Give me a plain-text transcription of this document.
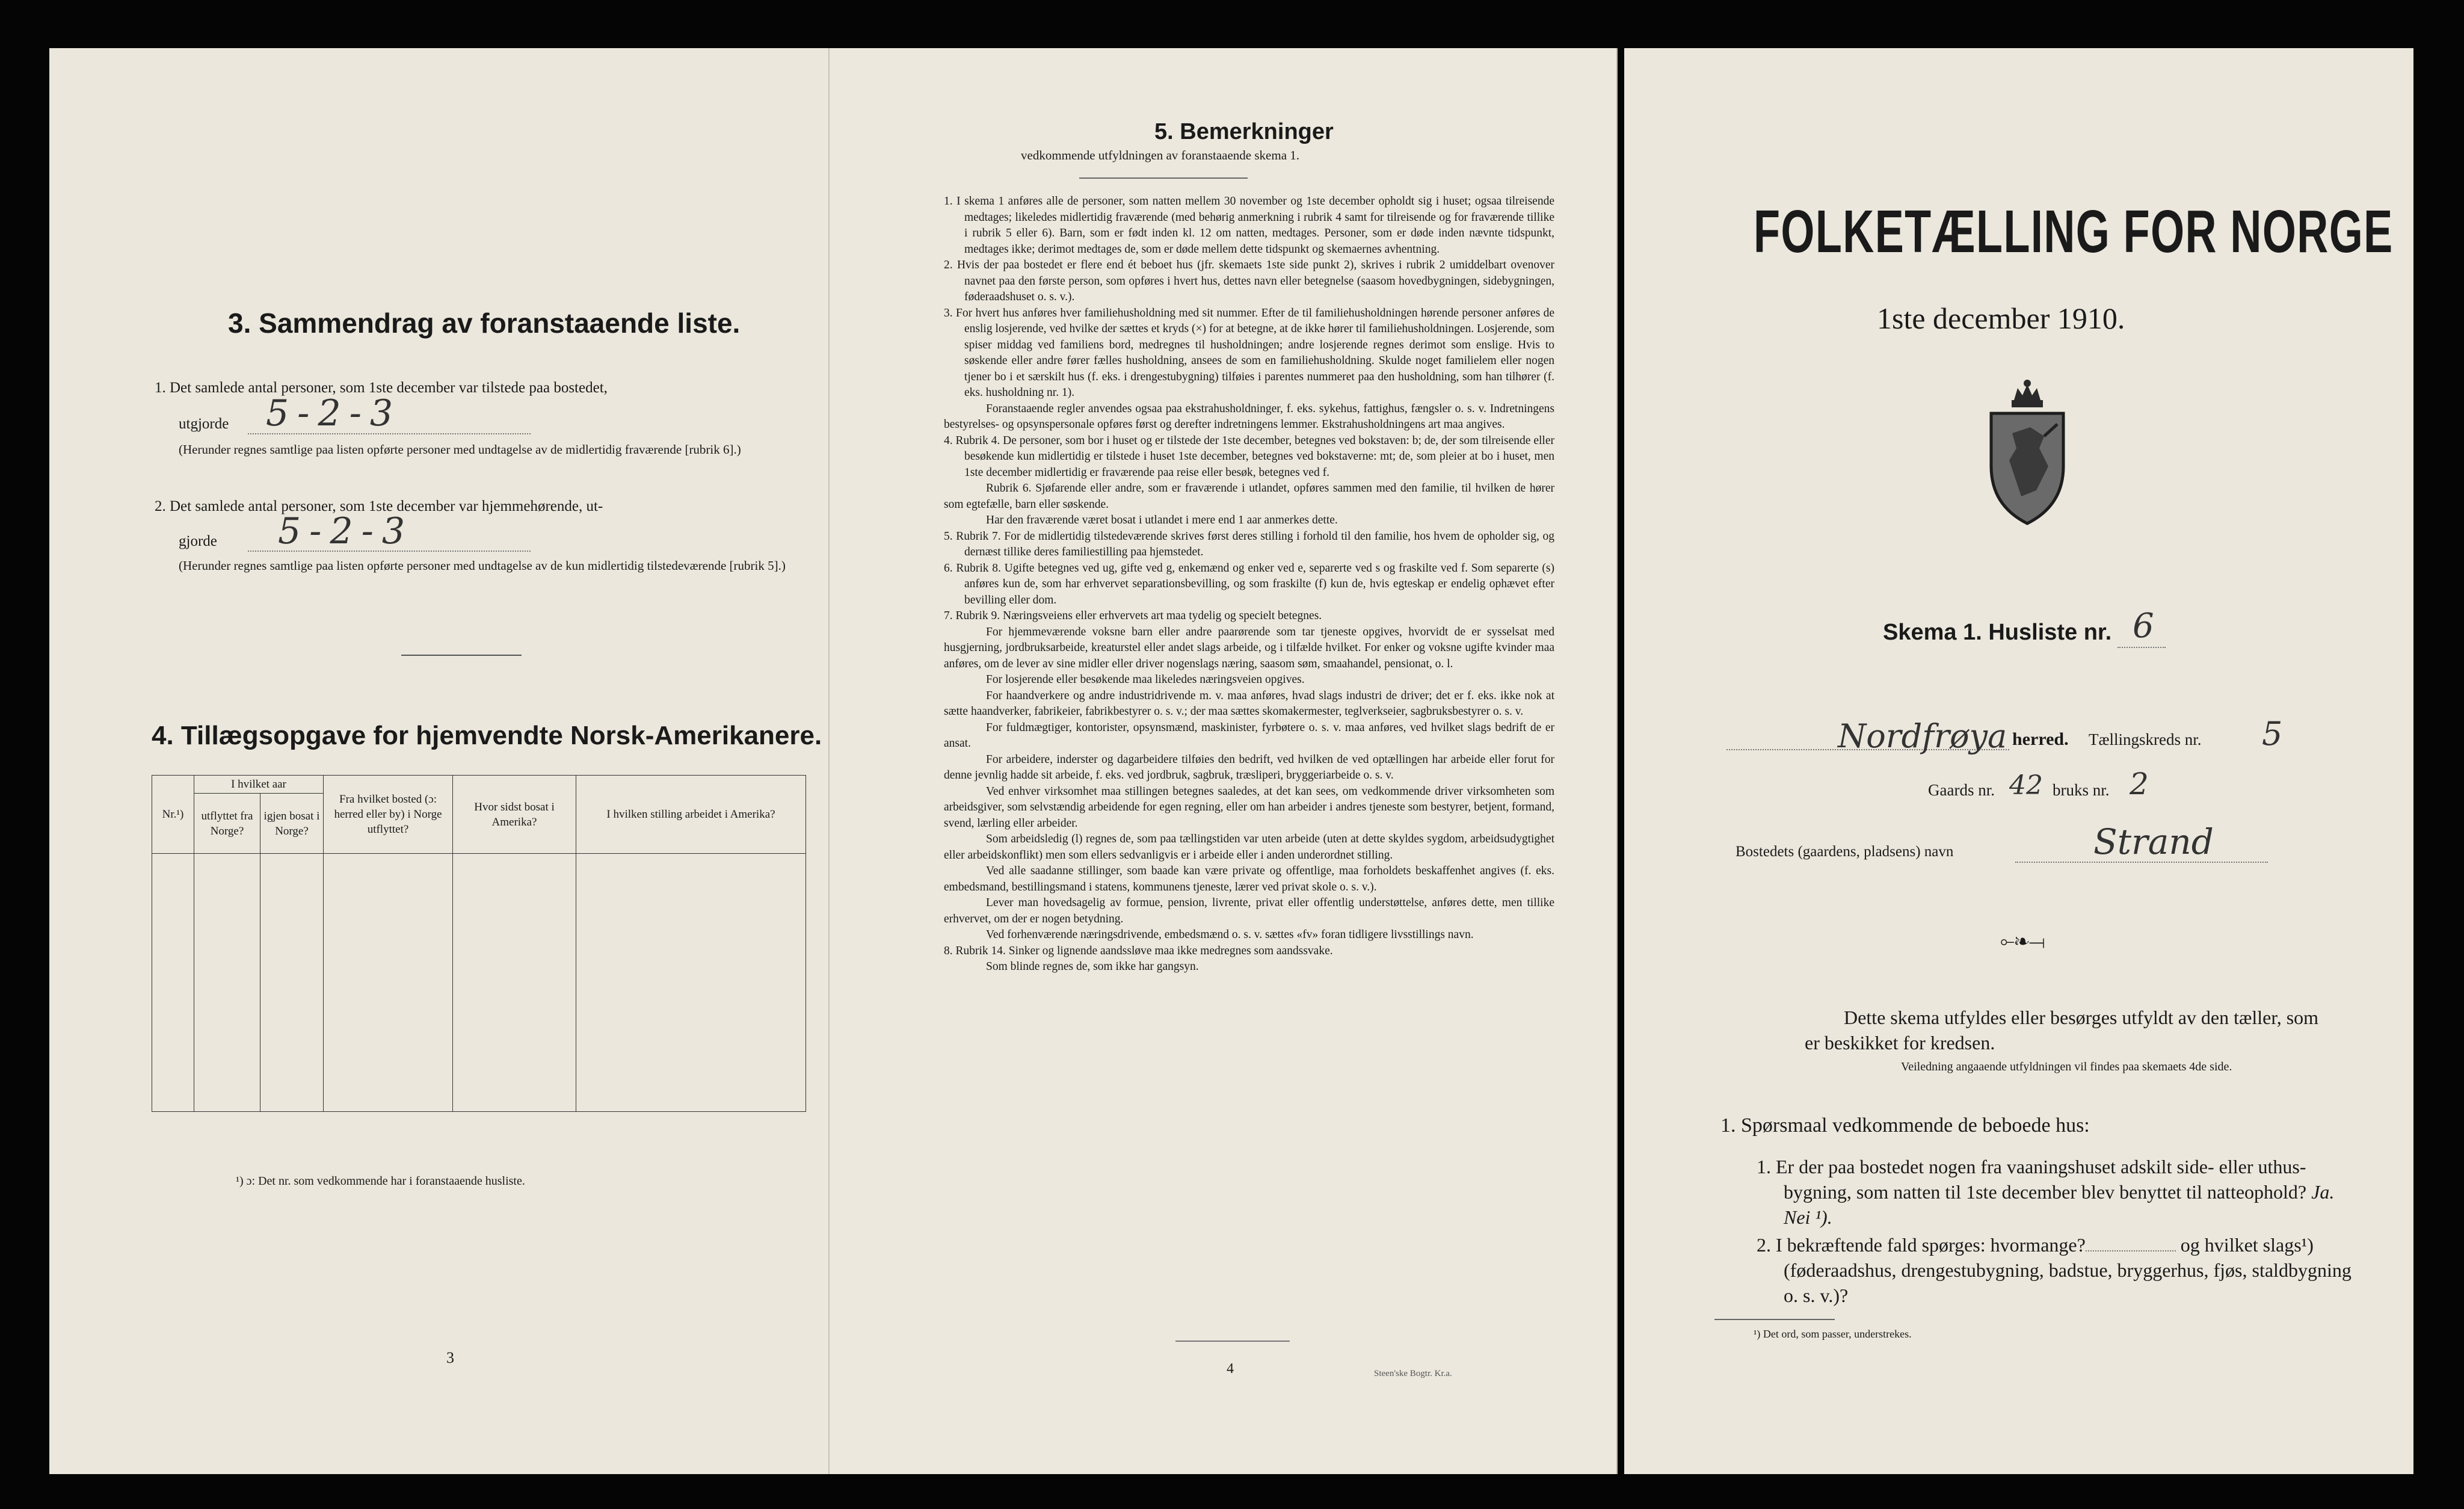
3. Sammendrag av foranstaaende liste.
1. Det samlede antal personer, som 1ste december var tilstede paa bostedet,
utgjorde 5-2-3
(Herunder regnes samtlige paa listen opførte personer med undtagelse av de midlertidig fraværende [rubrik 6].)
2. Det samlede antal personer, som 1ste december var hjemmehørende, ut-
gjorde 5-2-3
(Herunder regnes samtlige paa listen opførte personer med undtagelse av de kun midlertidig tilstedeværende [rubrik 5].)
4. Tillægsopgave for hjemvendte Norsk-Amerikanere.
Nr.¹)	I hvilket aar		Fra hvilket bosted (ɔ: herred eller by) i Norge utflyttet?	Hvor sidst bosat i Amerika?	I hvilken stilling arbeidet i Amerika?
	utflyttet fra Norge?	igjen bosat i Norge?			

¹) ɔ: Det nr. som vedkommende har i foranstaaende husliste.
3
5. Bemerkninger
vedkommende utfyldningen av foranstaaende skema 1.

1. I skema 1 anføres alle de personer, som natten mellem 30 november og 1ste december opholdt sig i huset; ogsaa tilreisende medtages; likeledes midlertidig fraværende (med behørig anmerkning i rubrik 4 samt for tilreisende og for fraværende tillike i rubrik 5 eller 6). Barn, som er født inden kl. 12 om natten, medtages. Personer, som er døde inden nævnte tidspunkt, medtages ikke; derimot medtages de, som er døde mellem dette tidspunkt og skemaernes avhentning.

2. Hvis der paa bostedet er flere end ét beboet hus (jfr. skemaets 1ste side punkt 2), skrives i rubrik 2 umiddelbart ovenover navnet paa den første person, som opføres i hvert hus, dettes navn eller betegnelse (saasom hovedbygningen, sidebygningen, føderaadshuset o. s. v.).

3. For hvert hus anføres hver familiehusholdning med sit nummer. Efter de til familiehusholdningen hørende personer anføres de enslig losjerende, ved hvilke der sættes et kryds (×) for at betegne, at de ikke hører til familiehusholdningen. Losjerende, som spiser middag ved familiens bord, medregnes til husholdningen; andre losjerende regnes derimot som enslige. Hvis to søskende eller andre fører fælles husholdning, ansees de som en familiehusholdning. Skulde noget familielem eller nogen tjener bo i et særskilt hus (f. eks. i drengestubygning) tilføies i parentes nummeret paa den husholdning, som han tilhører (f. eks. husholdning nr. 1).

Foranstaaende regler anvendes ogsaa paa ekstrahusholdninger, f. eks. sykehus, fattighus, fængsler o. s. v. Indretningens bestyrelses- og opsynspersonale opføres først og derefter indretningens lemmer. Ekstrahusholdningens art maa angives.

4. Rubrik 4. De personer, som bor i huset og er tilstede der 1ste december, betegnes ved bokstaven: b; de, der som tilreisende eller besøkende kun midlertidig er tilstede i huset 1ste december, betegnes ved bokstaverne: mt; de, som pleier at bo i huset, men 1ste december midlertidig er fraværende paa reise eller besøk, betegnes ved f.

Rubrik 6. Sjøfarende eller andre, som er fraværende i utlandet, opføres sammen med den familie, til hvilken de hører som egtefælle, barn eller søskende.

Har den fraværende været bosat i utlandet i mere end 1 aar anmerkes dette.

5. Rubrik 7. For de midlertidig tilstedeværende skrives først deres stilling i forhold til den familie, hos hvem de opholder sig, og dernæst tillike deres familiestilling paa hjemstedet.

6. Rubrik 8. Ugifte betegnes ved ug, gifte ved g, enkemænd og enker ved e, separerte ved s og fraskilte ved f. Som separerte (s) anføres kun de, som har erhvervet separationsbevilling, og som fraskilte (f) kun de, hvis egteskap er endelig ophævet efter bevilling eller dom.

7. Rubrik 9. Næringsveiens eller erhvervets art maa tydelig og specielt betegnes.

For hjemmeværende voksne barn eller andre paarørende som tar tjeneste opgives, hvorvidt de er sysselsat med husgjerning, jordbruksarbeide, kreaturstel eller andet slags arbeide, og i tilfælde hvilket. For enker og voksne ugifte kvinder maa anføres, om de lever av sine midler eller driver nogenslags næring, saasom søm, smaahandel, pensionat, o. l.

For losjerende eller besøkende maa likeledes næringsveien opgives.

For haandverkere og andre industridrivende m. v. maa anføres, hvad slags industri de driver; det er f. eks. ikke nok at sætte haandverker, fabrikeier, fabrikbestyrer o. s. v.; der maa sættes skomakermester, teglverkseier, sagbruksbestyrer o. s. v.

For fuldmægtiger, kontorister, opsynsmænd, maskinister, fyrbøtere o. s. v. maa anføres, ved hvilket slags bedrift de er ansat.

For arbeidere, inderster og dagarbeidere tilføies den bedrift, ved hvilken de ved optællingen har arbeide eller forut for denne jevnlig hadde sit arbeide, f. eks. ved jordbruk, sagbruk, træsliperi, bryggeriarbeide o. s. v.

Ved enhver virksomhet maa stillingen betegnes saaledes, at det kan sees, om vedkommende driver virksomheten som arbeidsgiver, som selvstændig arbeidende for egen regning, eller om han arbeider i andres tjeneste som bestyrer, betjent, formand, svend, lærling eller arbeider.

Som arbeidsledig (l) regnes de, som paa tællingstiden var uten arbeide (uten at dette skyldes sygdom, arbeidsudygtighet eller arbeidskonflikt) men som ellers sedvanligvis er i arbeide eller i anden underordnet stilling.

Ved alle saadanne stillinger, som baade kan være private og offentlige, maa forholdets beskaffenhet angives (f. eks. embedsmand, bestillingsmand i statens, kommunens tjeneste, lærer ved privat skole o. s. v.).

Lever man hovedsagelig av formue, pension, livrente, privat eller offentlig understøttelse, anføres dette, men tillike erhvervet, om der er nogen betydning.

Ved forhenværende næringsdrivende, embedsmænd o. s. v. sættes «fv» foran tidligere livsstillings navn.

8. Rubrik 14. Sinker og lignende aandssløve maa ikke medregnes som aandssvake.

Som blinde regnes de, som ikke har gangsyn.

4	Steen'ske Bogtr. Kr.a.
FOLKETÆLLING FOR NORGE
1ste december 1910.
Norges riksvåpen
Skema 1. Husliste nr. 6
Nordfrøya herred. Tællingskreds nr. 5
Gaards nr. 42 bruks nr. 2
Bostedets (gaardens, pladsens) navn	Strand
⟜❧⟞
Dette skema utfyldes eller besørges utfyldt av den tæller, som er beskikket for kredsen.
Veiledning angaaende utfyldningen vil findes paa skemaets 4de side.
1. Spørsmaal vedkommende de beboede hus:
1. Er der paa bostedet nogen fra vaaningshuset adskilt side- eller uthus-bygning, som natten til 1ste december blev benyttet til natteophold? Ja. Nei ¹).
2. I bekræftende fald spørges: hvormange?	og hvilket slags¹) (føderaadshus, drengestubygning, badstue, bryggerhus, fjøs, staldbygning o. s. v.)?
¹) Det ord, som passer, understrekes.
